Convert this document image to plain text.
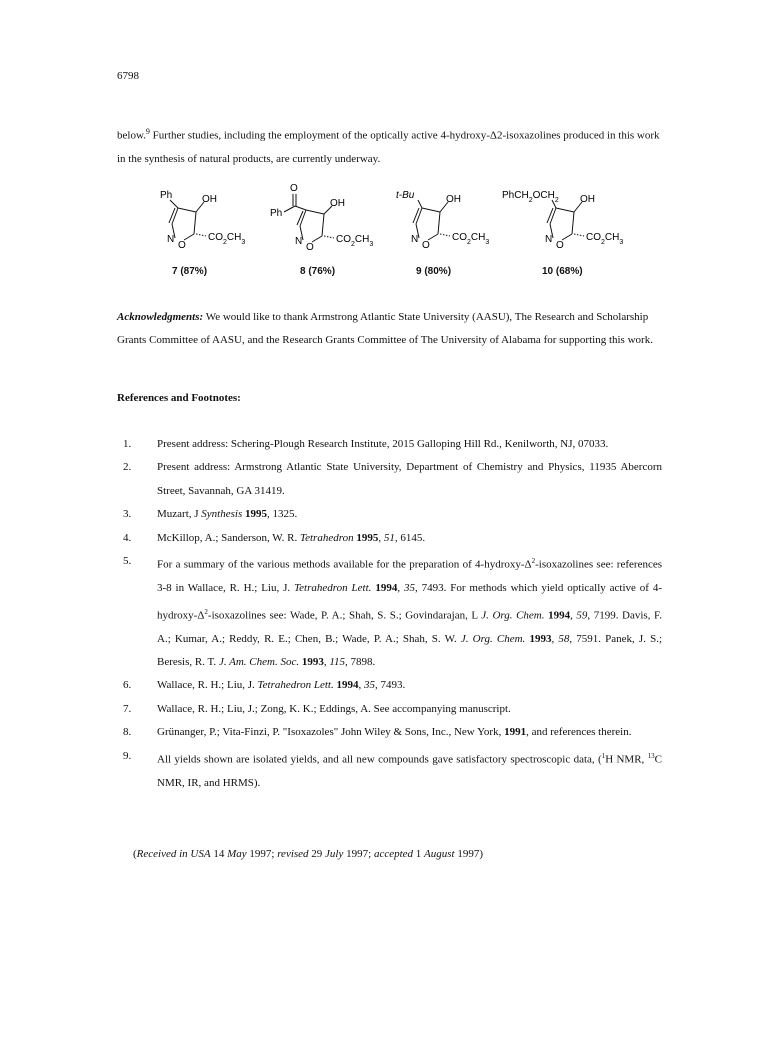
6798

below.$^9$ Further studies, including the employment of the optically active 4-hydroxy-Δ2-isoxazolines produced in this work in the synthesis of natural products, are currently underway.

Ph	OH
N
O
$CO_2CH_3$
7 (87%)
O
Ph
OH
N
O
$CO_2CH_3$
8 (76%)
t-Bu	OH
N
O
$CO_2CH_3$
9 (80%)
$PhCH_2OCH_2$ OH
N
O
$CO_2CH_3$
10 (68%)

Acknowledgments: We would like to thank Armstrong Atlantic State University (AASU), The Research and Scholarship Grants Committee of AASU, and the Research Grants Committee of The University of Alabama for supporting this work.

References and Footnotes:
1. Present address: Schering-Plough Research Institute, 2015 Galloping Hill Rd., Kenilworth, NJ, 07033.
2. Present address: Armstrong Atlantic State University, Department of Chemistry and Physics, 11935 Abercorn Street, Savannah, GA 31419.
3. Muzart, J Synthesis 1995, 1325.
4. McKillop, A.; Sanderson, W. R. Tetrahedron 1995, 51, 6145.
5. For a summary of the various methods available for the preparation of $4-hydroxy-\Delta^2$-isoxazolines see: references 3-8 in Wallace, R. H.; Liu, J. Tetrahedron Lett. 1994, 35, 7493. For methods which yield optically active of $4-hydroxy-\Delta^2$-isoxazolines see: Wade, P. A.; Shah, S. S.; Govindarajan, L J. Org. Chem. 1994, 59, 7199. Davis, F. A.; Kumar, A.; Reddy, R. E.; Chen, B.; Wade, P. A.; Shah, S. W. J. Org. Chem. 1993, 58, 7591. Panek, J. S.; Beresis, R. T. J. Am. Chem. Soc. 1993, 115, 7898.
6. Wallace, R. H.; Liu, J. Tetrahedron Lett. 1994, 35, 7493.
7. Wallace, R. H.; Liu, J.; Zong, K. K.; Eddings, A. See accompanying manuscript.
8. Grünanger, P.; Vita-Finzi, P. "Isoxazoles" John Wiley & Sons, Inc., New York, 1991, and references therein.
9. All yields shown are isolated yields, and all new compounds gave satisfactory spectroscopic data, ($^1$H NMR, $^{13}$C NMR, IR, and HRMS).
(Received in USA 14 May 1997; revised 29 July 1997; accepted 1 August 1997)
